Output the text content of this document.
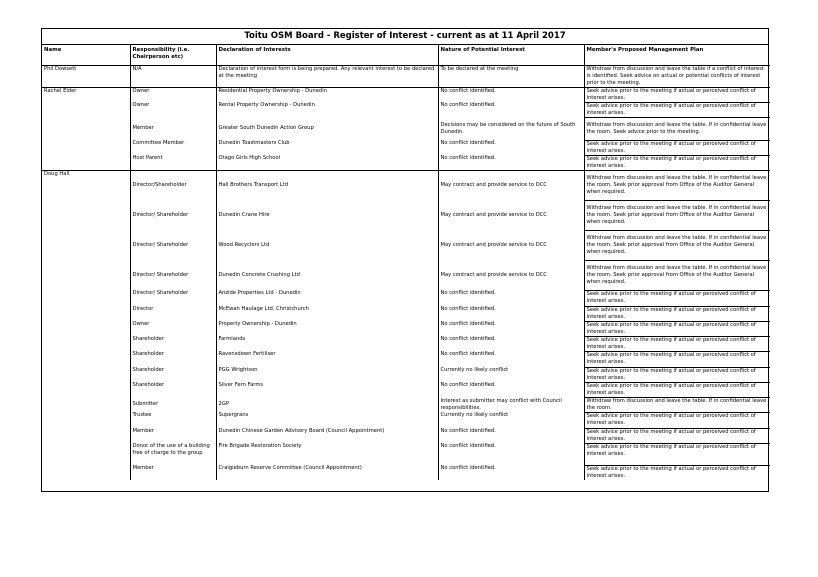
Toitu OSM Board - Register of Interest - current as at 11 April 2017
Name	Responsibility (i.e. Chairperson etc)	Declaration of Interests	Nature of Potential Interest	Member's Proposed Management Plan
Phil Dowsett	N/A	Declaration of interest form is being prepared. Any relevant interest to be declared at the meeting	To be declared at the meeting	Withdraw from discussion and leave the table if a conflict of interest is identified. Seek advice on actual or potential conflicts of interest prior to the meeting.
Rachel Elder	Owner	Residential Property Ownership - Dunedin	No conflict identified.	Seek advice prior to the meeting if actual or perceived conflict of interest arises.
	Owner	Rental Property Ownership - Dunedin	No conflict identified.	Seek advice prior to the meeting if actual or perceived conflict of interest arises.
	Member	Greater South Dunedin Action Group	Decisions may be considered on the future of South Dunedin.	Withdraw from discussion and leave the table. If in confidential leave the room. Seek advice prior to the meeting.
	Committee Member	Dunedin Toastmasters Club	No conflict identified.	Seek advice prior to the meeting if actual or perceived conflict of interest arises.
	Host Parent	Otago Girls High School	No conflict identified.	Seek advice prior to the meeting if actual or perceived conflict of interest arises.
Doug Hall	Director/Shareholder	Hall Brothers Transport Ltd	May contract and provide service to DCC	Withdraw from discussion and leave the table. If in confidential leave the room. Seek prior approval from Office of the Auditor General when required.
	Director/ Shareholder	Dunedin Crane Hire	May contract and provide service to DCC	Withdraw from discussion and leave the table. If in confidential leave the room. Seek prior approval from Office of the Auditor General when required.
	Director/ Shareholder	Wood Recyclers Ltd	May contract and provide service to DCC	Withdraw from discussion and leave the table. If in confidential leave the room. Seek prior approval from Office of the Auditor General when required.
	Director/ Shareholder	Dunedin Concrete Crushing Ltd	May contract and provide service to DCC	Withdraw from discussion and leave the table. If in confidential leave the room. Seek prior approval from Office of the Auditor General when required.
	Director/ Shareholder	Anzide Properties Ltd - Dunedin	No conflict identified.	Seek advice prior to the meeting if actual or perceived conflict of interest arises.
	Director	McEwan Haulage Ltd, Christchurch	No conflict identified.	Seek advice prior to the meeting if actual or perceived conflict of interest arises.
	Owner	Property Ownership - Dunedin	No conflict identified.	Seek advice prior to the meeting if actual or perceived conflict of interest arises.
	Shareholder	Farmlands	No conflict identified.	Seek advice prior to the meeting if actual or perceived conflict of interest arises.
	Shareholder	Ravensdown Fertiliser	No conflict identified.	Seek advice prior to the meeting if actual or perceived conflict of interest arises.
	Shareholder	PGG Wrightson	Currently no likely conflict	Seek advice prior to the meeting if actual or perceived conflict of interest arises.
	Shareholder	Silver Fern Farms	No conflict identified.	Seek advice prior to the meeting if actual or perceived conflict of interest arises.
	Submitter	2GP	Interest as submitter may conflict with Council responsibilities.	Withdraw from discussion and leave the table. If in confidential leave the room.
	Trustee	Supergrans	Currently no likely conflict	Seek advice prior to the meeting if actual or perceived conflict of interest arises.
	Member	Dunedin Chinese Garden Advisory Board (Council Appointment)	No conflict identified.	Seek advice prior to the meeting if actual or perceived conflict of interest arises.
	Donor of the use of a building free of charge to the group	Fire Brigade Restoration Society	No conflict identified.	Seek advice prior to the meeting if actual or perceived conflict of interest arises.
	Member	Craigieburn Reserve Committee (Council Appointment)	No conflict identified.	Seek advice prior to the meeting if actual or perceived conflict of interest arises.
